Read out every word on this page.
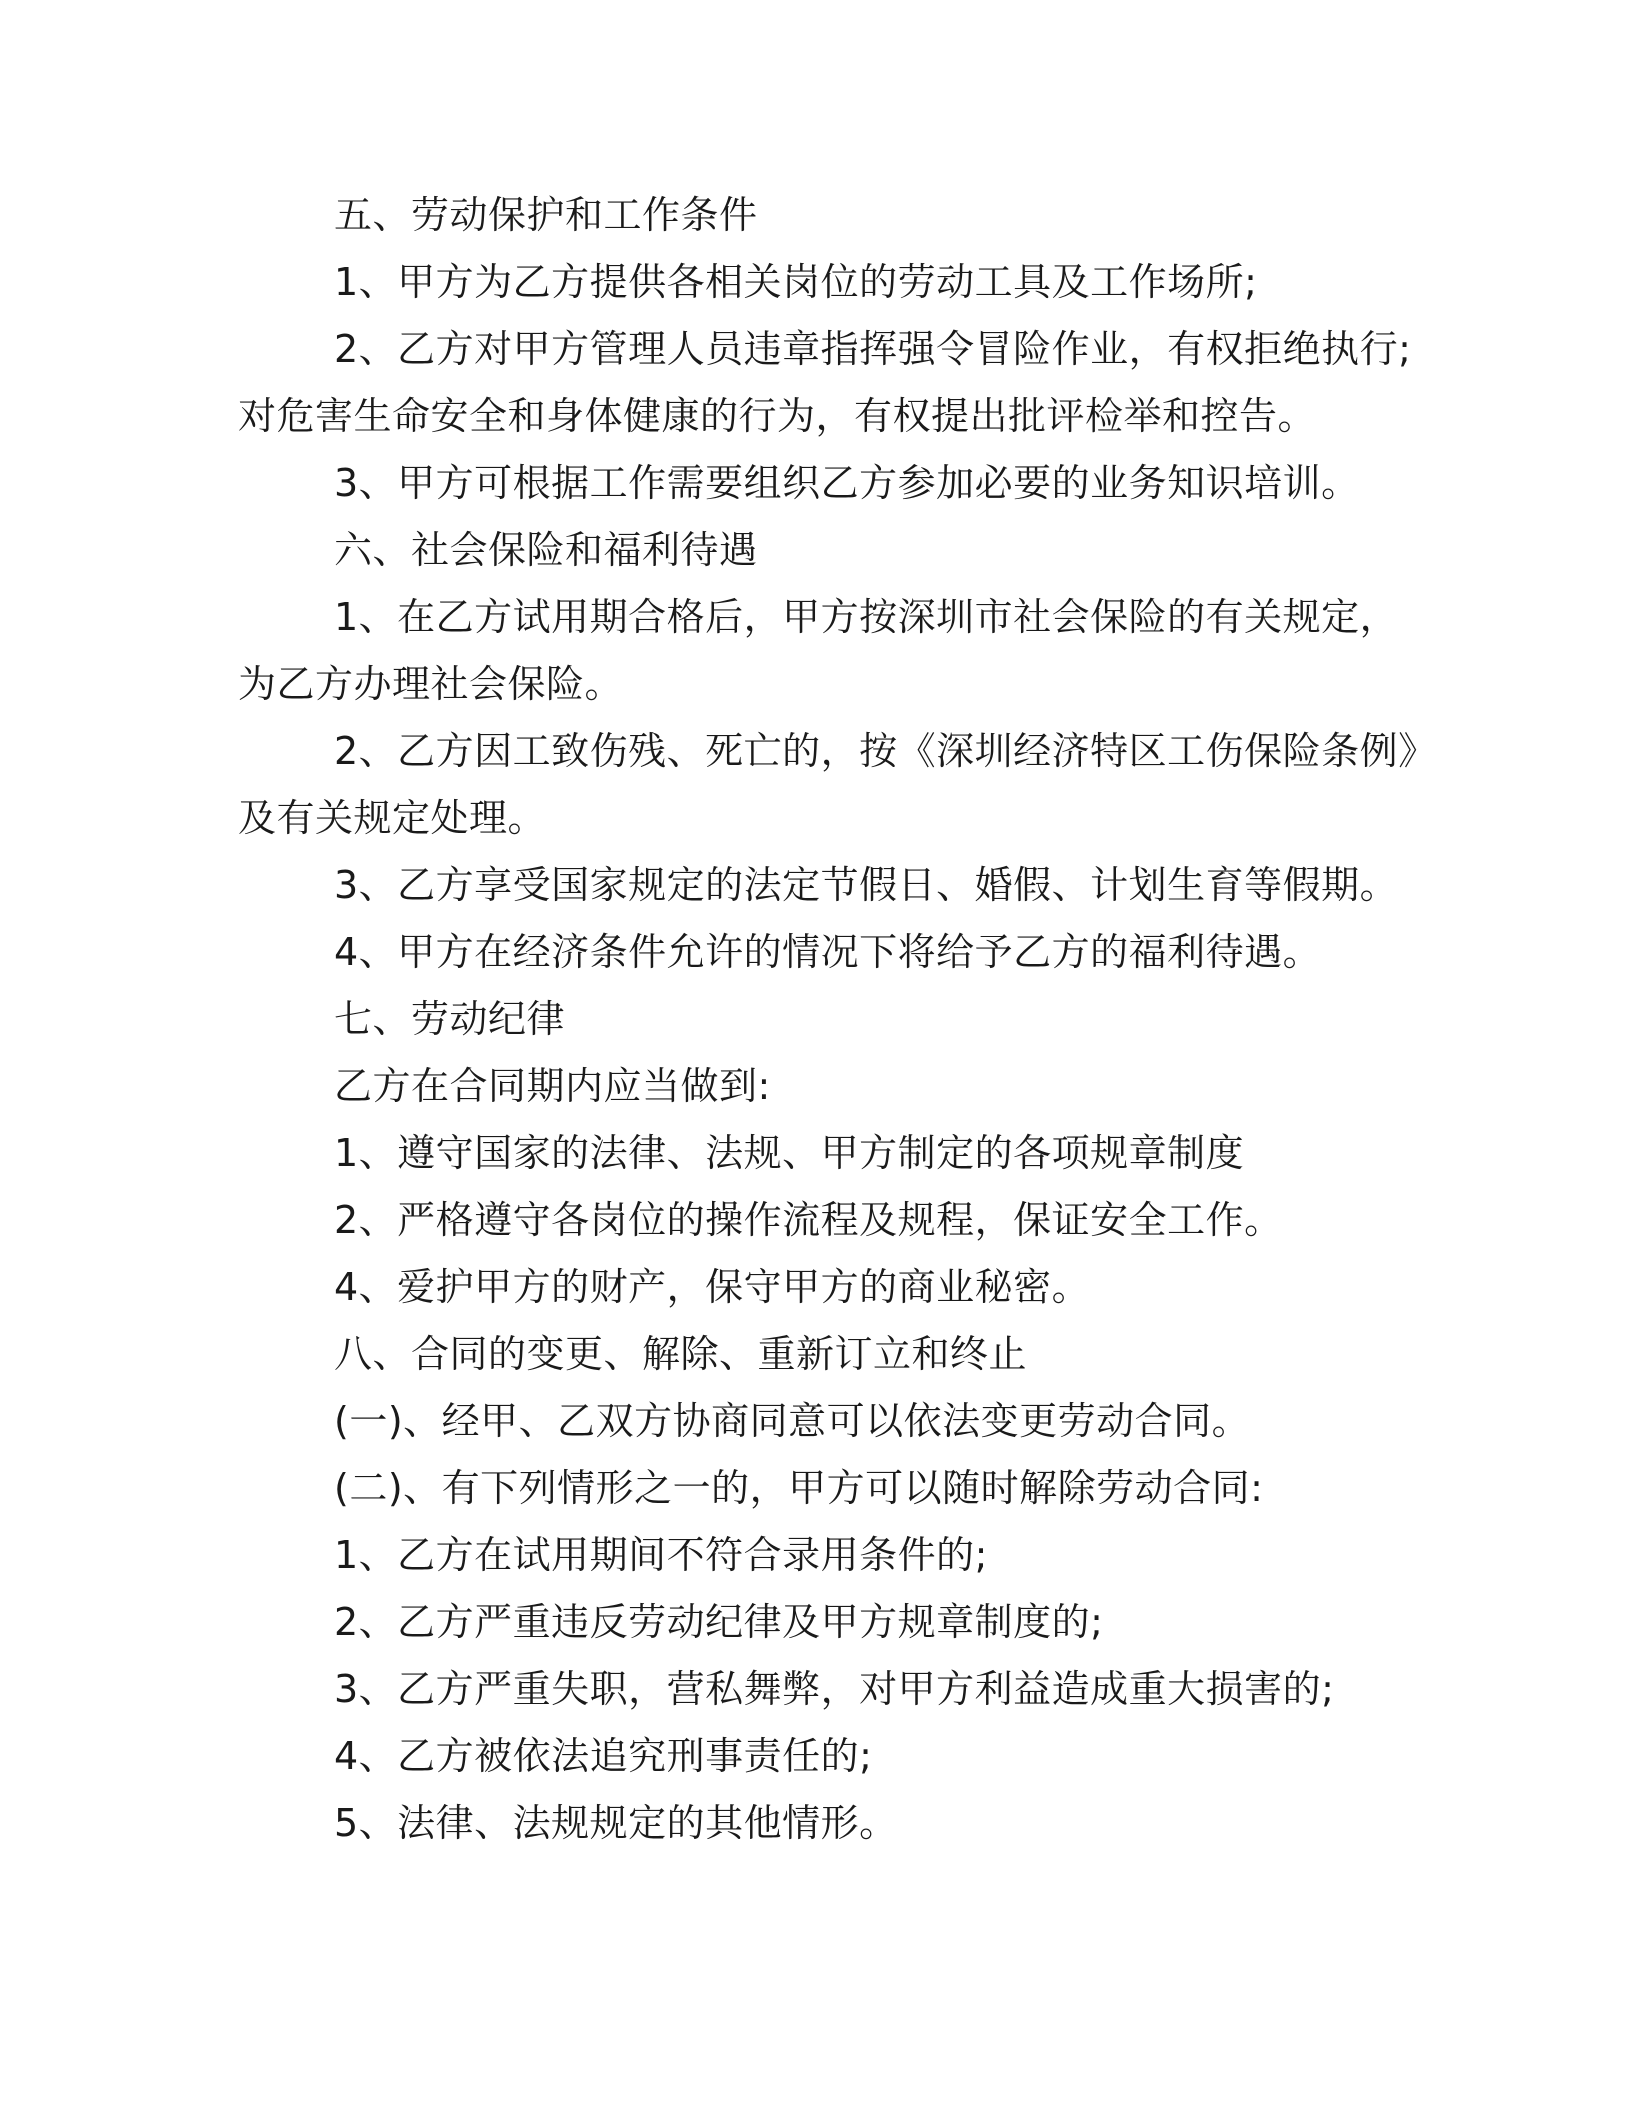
五、劳动保护和工作条件
1、甲方为乙方提供各相关岗位的劳动工具及工作场所;
2、乙方对甲方管理人员违章指挥强令冒险作业，有权拒绝执行;
对危害生命安全和身体健康的行为，有权提出批评检举和控告。
3、甲方可根据工作需要组织乙方参加必要的业务知识培训。
六、社会保险和福利待遇
1、在乙方试用期合格后，甲方按深圳市社会保险的有关规定，
为乙方办理社会保险。
2、乙方因工致伤残、死亡的，按《深圳经济特区工伤保险条例》
及有关规定处理。
3、乙方享受国家规定的法定节假日、婚假、计划生育等假期。
4、甲方在经济条件允许的情况下将给予乙方的福利待遇。
七、劳动纪律
乙方在合同期内应当做到:
1、遵守国家的法律、法规、甲方制定的各项规章制度
2、严格遵守各岗位的操作流程及规程，保证安全工作。
4、爱护甲方的财产，保守甲方的商业秘密。
八、合同的变更、解除、重新订立和终止
(一)、经甲、乙双方协商同意可以依法变更劳动合同。
(二)、有下列情形之一的，甲方可以随时解除劳动合同:
1、乙方在试用期间不符合录用条件的;
2、乙方严重违反劳动纪律及甲方规章制度的;
3、乙方严重失职，营私舞弊，对甲方利益造成重大损害的;
4、乙方被依法追究刑事责任的;
5、法律、法规规定的其他情形。
